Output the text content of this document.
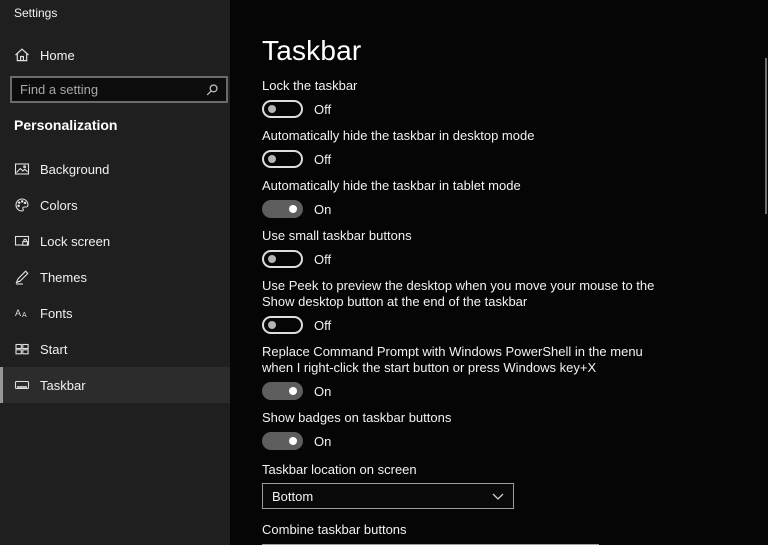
Settings
Home
Find a setting
Personalization
Background
Colors
Lock screen
Themes
A A Fonts
Start
Taskbar
Taskbar
Lock the taskbar
Off
Automatically hide the taskbar in desktop mode
Off
Automatically hide the taskbar in tablet mode
On
Use small taskbar buttons
Off
Use Peek to preview the desktop when you move your mouse to the
Show desktop button at the end of the taskbar
Off
Replace Command Prompt with Windows PowerShell in the menu
when I right-click the start button or press Windows key+X
On
Show badges on taskbar buttons
On
Taskbar location on screen
Bottom
Combine taskbar buttons
